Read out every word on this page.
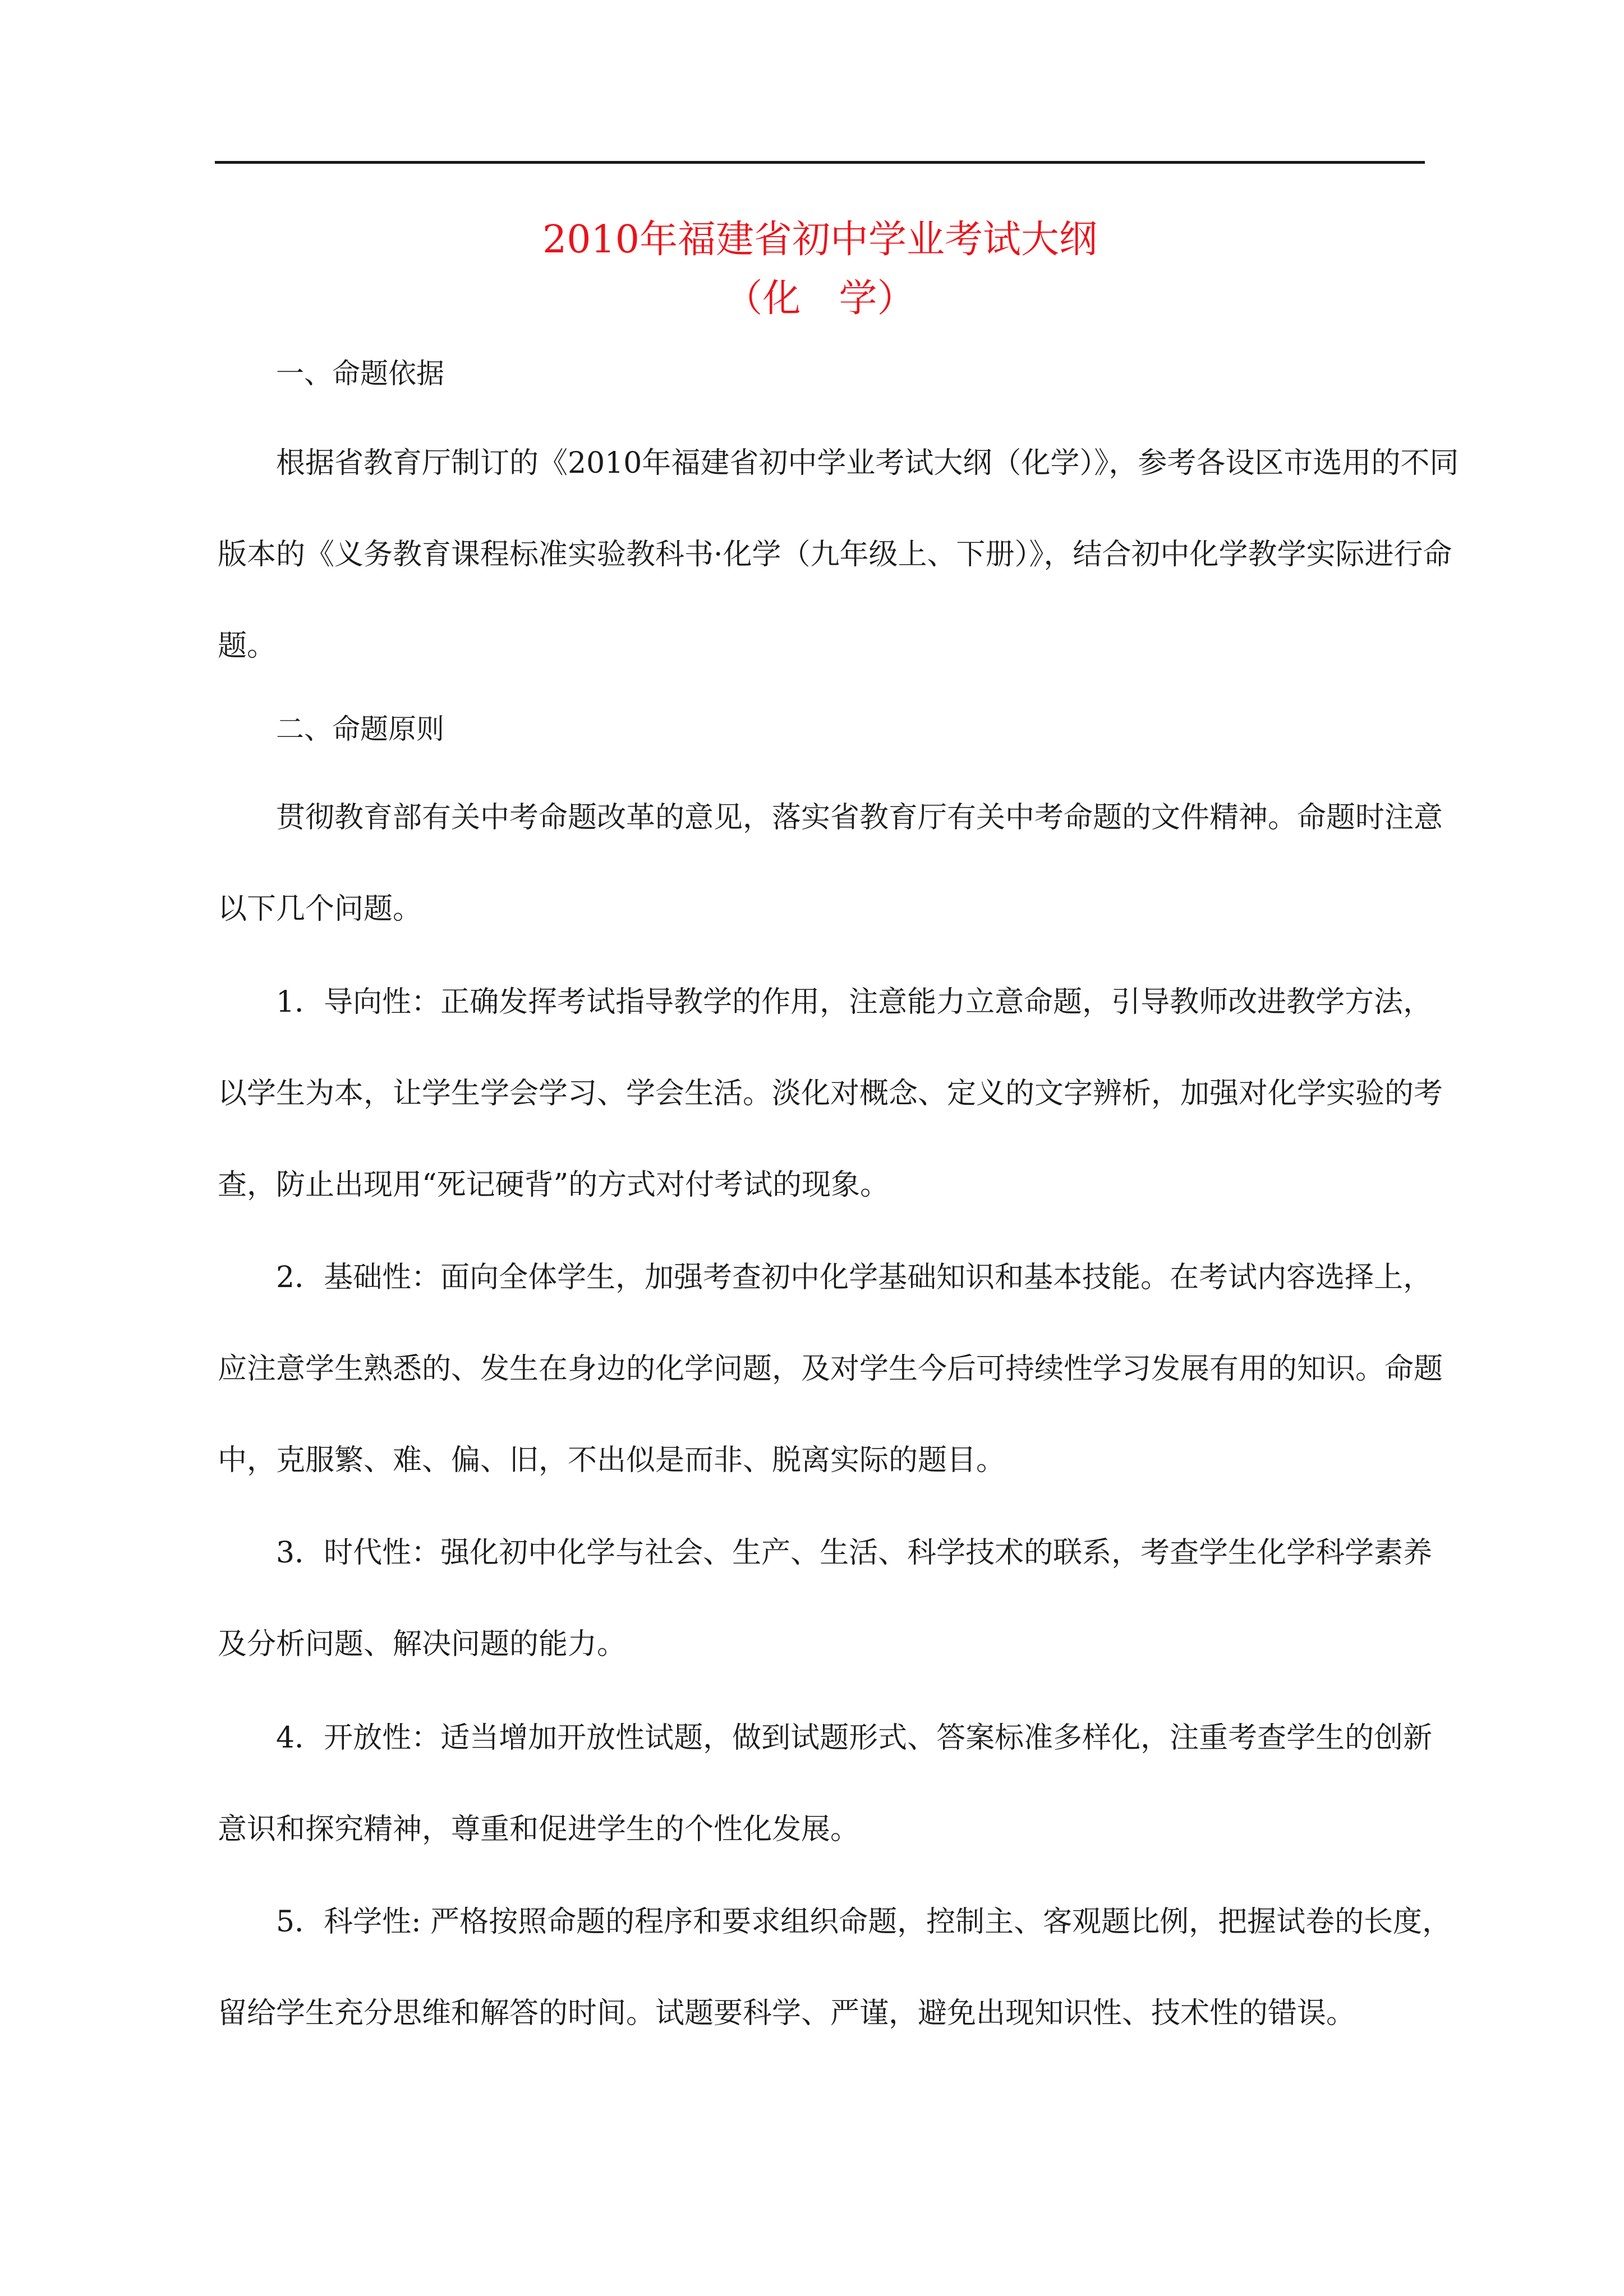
2010年福建省初中学业考试大纲
（化　学）
一、命题依据
根据省教育厅制订的《2010年福建省初中学业考试大纲（化学）》，参考各设区市选用的不同
版本的《义务教育课程标准实验教科书·化学（九年级上、下册）》，结合初中化学教学实际进行命
题。
二、命题原则
贯彻教育部有关中考命题改革的意见，落实省教育厅有关中考命题的文件精神。命题时注意
以下几个问题。
1．导向性：正确发挥考试指导教学的作用，注意能力立意命题，引导教师改进教学方法，
以学生为本，让学生学会学习、学会生活。淡化对概念、定义的文字辨析，加强对化学实验的考
查，防止出现用“死记硬背”的方式对付考试的现象。
2．基础性：面向全体学生，加强考查初中化学基础知识和基本技能。在考试内容选择上，
应注意学生熟悉的、发生在身边的化学问题，及对学生今后可持续性学习发展有用的知识。命题
中，克服繁、难、偏、旧，不出似是而非、脱离实际的题目。
3．时代性：强化初中化学与社会、生产、生活、科学技术的联系，考查学生化学科学素养
及分析问题、解决问题的能力。
4．开放性：适当增加开放性试题，做到试题形式、答案标准多样化，注重考查学生的创新
意识和探究精神，尊重和促进学生的个性化发展。
5．科学性: 严格按照命题的程序和要求组织命题，控制主、客观题比例，把握试卷的长度，
留给学生充分思维和解答的时间。试题要科学、严谨，避免出现知识性、技术性的错误。
